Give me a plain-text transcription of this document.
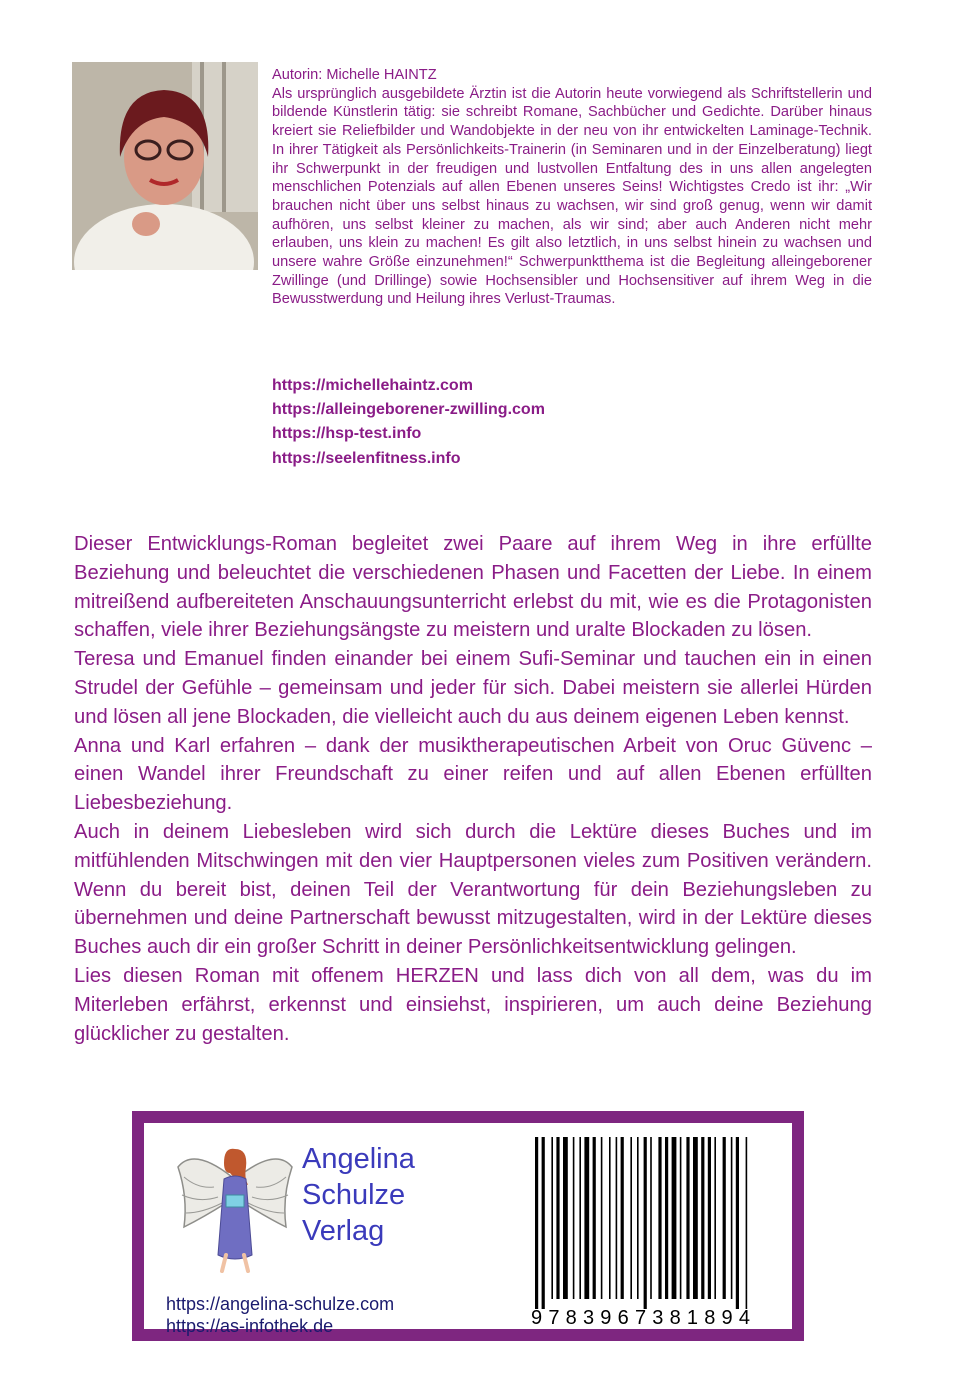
Autorin: Michelle HAINTZ

Als ursprünglich ausgebildete Ärztin ist die Autorin heute vorwiegend als Schriftstellerin und bildende Künstlerin tätig: sie schreibt Romane, Sachbücher und Gedichte. Darüber hinaus kreiert sie Reliefbilder und Wandobjekte in der neu von ihr entwickelten Laminage-Technik. In ihrer Tätigkeit als Persönlichkeits-Trainerin (in Seminaren und in der Einzelberatung) liegt ihr Schwerpunkt in der freudigen und lustvollen Entfaltung des in uns allen angelegten menschlichen Potenzials auf allen Ebenen unseres Seins! Wichtigstes Credo ist ihr: „Wir brauchen nicht über uns selbst hinaus zu wachsen, wir sind groß genug, wenn wir damit aufhören, uns selbst kleiner zu machen, als wir sind; aber auch Anderen nicht mehr erlauben, uns klein zu machen! Es gilt also letztlich, in uns selbst hinein zu wachsen und unsere wahre Größe einzunehmen!“ Schwerpunktthema ist die Begleitung alleingeborener Zwillinge (und Drillinge) sowie Hochsensibler und Hochsensitiver auf ihrem Weg in die Bewusstwerdung und Heilung ihres Verlust-Traumas.

https://michellehaintz.com
https://alleingeborener-zwilling.com
https://hsp-test.info
https://seelenfitness.info

Dieser Entwicklungs-Roman begleitet zwei Paare auf ihrem Weg in ihre erfüllte Beziehung und beleuchtet die verschiedenen Phasen und Facetten der Liebe. In einem mitreißend aufbereiteten Anschauungsunterricht erlebst du mit, wie es die Protagonisten schaffen, viele ihrer Beziehungsängste zu meistern und uralte Blockaden zu lösen.

Teresa und Emanuel finden einander bei einem Sufi-Seminar und tauchen ein in einen Strudel der Gefühle – gemeinsam und jeder für sich. Dabei meistern sie allerlei Hürden und lösen all jene Blockaden, die vielleicht auch du aus deinem eigenen Leben kennst.

Anna und Karl erfahren – dank der musiktherapeutischen Arbeit von Oruc Güvenc – einen Wandel ihrer Freundschaft zu einer reifen und auf allen Ebenen erfüllten Liebesbeziehung.

Auch in deinem Liebesleben wird sich durch die Lektüre dieses Buches und im mitfühlenden Mitschwingen mit den vier Hauptpersonen vieles zum Positiven verändern. Wenn du bereit bist, deinen Teil der Verantwortung für dein Beziehungsleben zu übernehmen und deine Partnerschaft bewusst mitzugestalten, wird in der Lektüre dieses Buches auch dir ein großer Schritt in deiner Persönlichkeitsentwicklung gelingen.

Lies diesen Roman mit offenem HERZEN und lass dich von all dem, was du im Miterleben erfährst, erkennst und einsiehst, inspirieren, um auch deine Beziehung glücklicher zu gestalten.

Angelina
Schulze
Verlag
https://angelina-schulze.com
https://as-infothek.de	9783967381894
